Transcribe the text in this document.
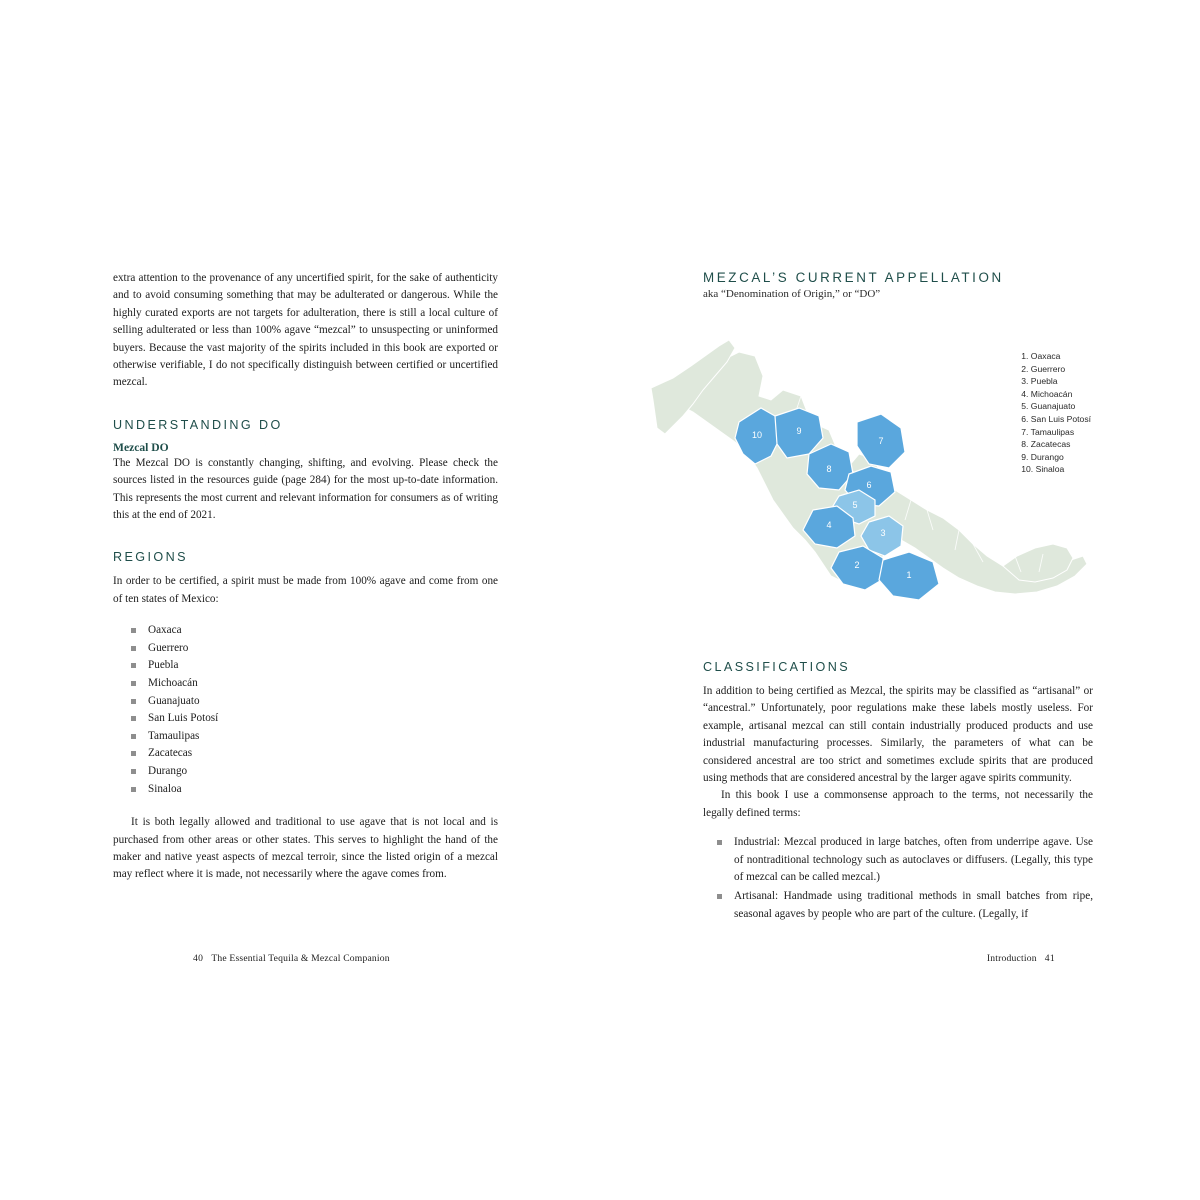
extra attention to the provenance of any uncertified spirit, for the sake of authenticity and to avoid consuming something that may be adulterated or dangerous. While the highly curated exports are not targets for adulteration, there is still a local culture of selling adulterated or less than 100% agave “mezcal” to unsuspecting or uninformed buyers. Because the vast majority of the spirits included in this book are exported or otherwise verifiable, I do not specifically distinguish between certified or uncertified mezcal.

UNDERSTANDING DO
Mezcal DO

The Mezcal DO is constantly changing, shifting, and evolving. Please check the sources listed in the resources guide (page 284) for the most up-to-date information. This represents the most current and relevant information for consumers as of writing this at the end of 2021.

REGIONS

In order to be certified, a spirit must be made from 100% agave and come from one of ten states of Mexico:

Oaxaca
Guerrero
Puebla
Michoacán
Guanajuato
San Luis Potosí
Tamaulipas
Zacatecas
Durango
Sinaloa

It is both legally allowed and traditional to use agave that is not local and is purchased from other areas or other states. This serves to highlight the hand of the maker and native yeast aspects of mezcal terroir, since the listed origin of a mezcal may reflect where it is made, not necessarily where the agave comes from.

MEZCAL’S CURRENT APPELLATION
aka “Denomination of Origin,” or “DO”
10	9
8
7
6
5
4
3
2
1
1. Oaxaca
2. Guerrero
3. Puebla
4. Michoacán
5. Guanajuato
6. San Luis Potosí
7. Tamaulipas
8. Zacatecas
9. Durango
10. Sinaloa
CLASSIFICATIONS

In addition to being certified as Mezcal, the spirits may be classified as “artisanal” or “ancestral.” Unfortunately, poor regulations make these labels mostly useless. For example, artisanal mezcal can still contain industrially produced products and use industrial manufacturing processes. Similarly, the parameters of what can be considered ancestral are too strict and sometimes exclude spirits that are produced using methods that are considered ancestral by the larger agave spirits community.

In this book I use a commonsense approach to the terms, not necessarily the legally defined terms:

Industrial: Mezcal produced in large batches, often from underripe agave. Use of nontraditional technology such as autoclaves or diffusers. (Legally, this type of mezcal can be called mezcal.)
Artisanal: Handmade using traditional methods in small batches from ripe, seasonal agaves by people who are part of the culture. (Legally, if
40 The Essential Tequila & Mezcal Companion	Introduction 41
